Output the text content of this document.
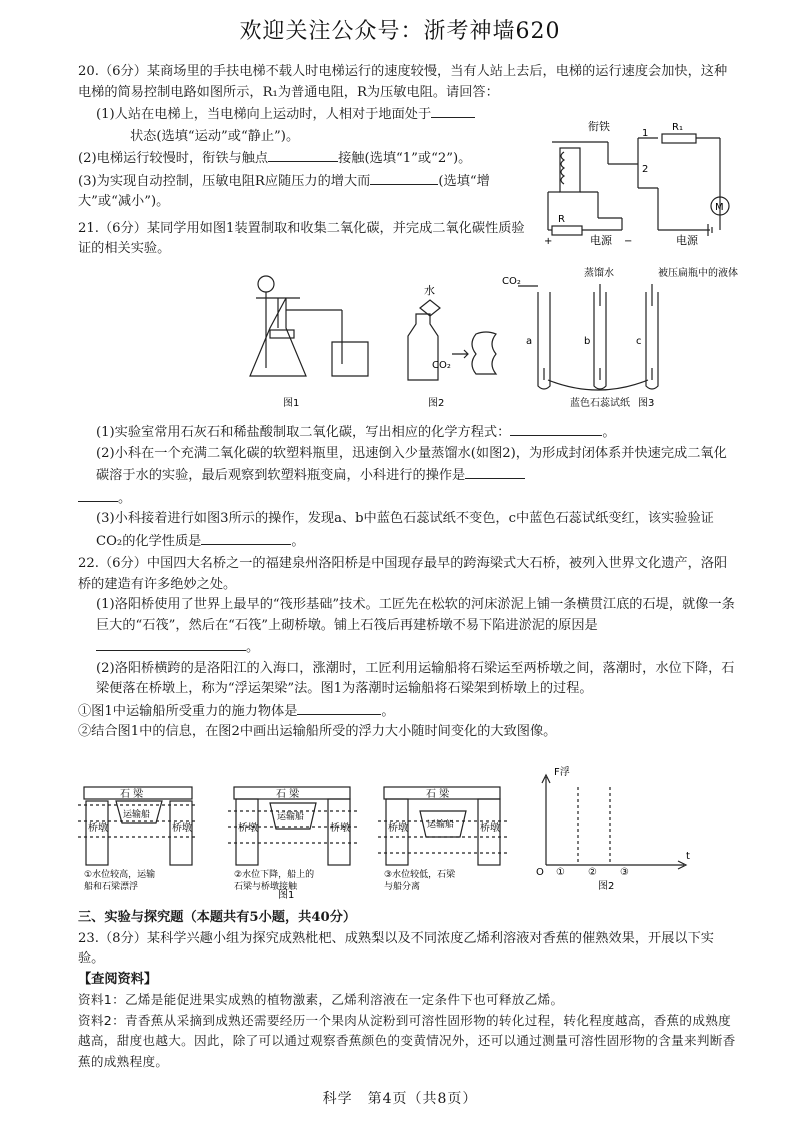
欢迎关注公众号：浙考神墙620

20.（6分）某商场里的手扶电梯不载人时电梯运行的速度较慢，当有人站上去后，电梯的运行速度会加快，这种电梯的简易控制电路如图所示，R₁为普通电阻，R为压敏电阻。请回答：

(1)人站在电梯上，当电梯向上运动时，人相对于地面处于

状态(选填“运动”或“静止”)。

(2)电梯运行较慢时，衔铁与触点	接触(选填“1”或“2”)。

(3)为实现自动控制，压敏电阻R应随压力的增大而	(选填“增大”或“减小”)。

衔铁
1
2
R₁
R
M
电源	电源
+	−

21.（6分）某同学用如图1装置制取和收集二氧化碳，并完成二氧化碳性质验证的相关实验。

水
CO₂
CO₂
蒸馏水	被压扁瓶中的液体
a	b	c
蓝色石蕊试纸
图1	图2	图3

(1)实验室常用石灰石和稀盐酸制取二氧化碳，写出相应的化学方程式：	。

(2)小科在一个充满二氧化碳的软塑料瓶里，迅速倒入少量蒸馏水(如图2)，为形成封闭体系并快速完成二氧化碳溶于水的实验，最后观察到软塑料瓶变扁，小科进行的操作是

。

(3)小科接着进行如图3所示的操作，发现a、b中蓝色石蕊试纸不变色，c中蓝色石蕊试纸变红，该实验验证CO₂的化学性质是	。

22.（6分）中国四大名桥之一的福建泉州洛阳桥是中国现存最早的跨海梁式大石桥，被列入世界文化遗产，洛阳桥的建造有许多绝妙之处。

(1)洛阳桥使用了世界上最早的“筏形基础”技术。工匠先在松软的河床淤泥上铺一条横贯江底的石堤，就像一条巨大的“石筏”，然后在“石筏”上砌桥墩。铺上石筏后再建桥墩不易下陷进淤泥的原因是。

(2)洛阳桥横跨的是洛阳江的入海口，涨潮时，工匠利用运输船将石梁运至两桥墩之间，落潮时，水位下降，石梁便落在桥墩上，称为“浮运架梁”法。图1为落潮时运输船将石梁架到桥墩上的过程。

①图1中运输船所受重力的施力物体是	。

②结合图1中的信息，在图2中画出运输船所受的浮力大小随时间变化的大致图像。

石 梁	石 梁	石 梁
运输船	运输船
运输船
桥墩	桥墩	桥墩	桥墩	桥墩	桥墩
①水位较高，运输
船和石梁漂浮
②水位下降，船上的
石梁与桥墩接触
③水位较低，石梁
与船分离
图1
F浮
t
O ① ② ③
图2

三、实验与探究题（本题共有5小题，共40分）

23.（8分）某科学兴趣小组为探究成熟枇杷、成熟梨以及不同浓度乙烯利溶液对香蕉的催熟效果，开展以下实验。

【查阅资料】

资料1：乙烯是能促进果实成熟的植物激素，乙烯利溶液在一定条件下也可释放乙烯。

资料2：青香蕉从采摘到成熟还需要经历一个果肉从淀粉到可溶性固形物的转化过程，转化程度越高，香蕉的成熟度越高，甜度也越大。因此，除了可以通过观察香蕉颜色的变黄情况外，还可以通过测量可溶性固形物的含量来判断香蕉的成熟程度。

科学　第4页（共8页）
